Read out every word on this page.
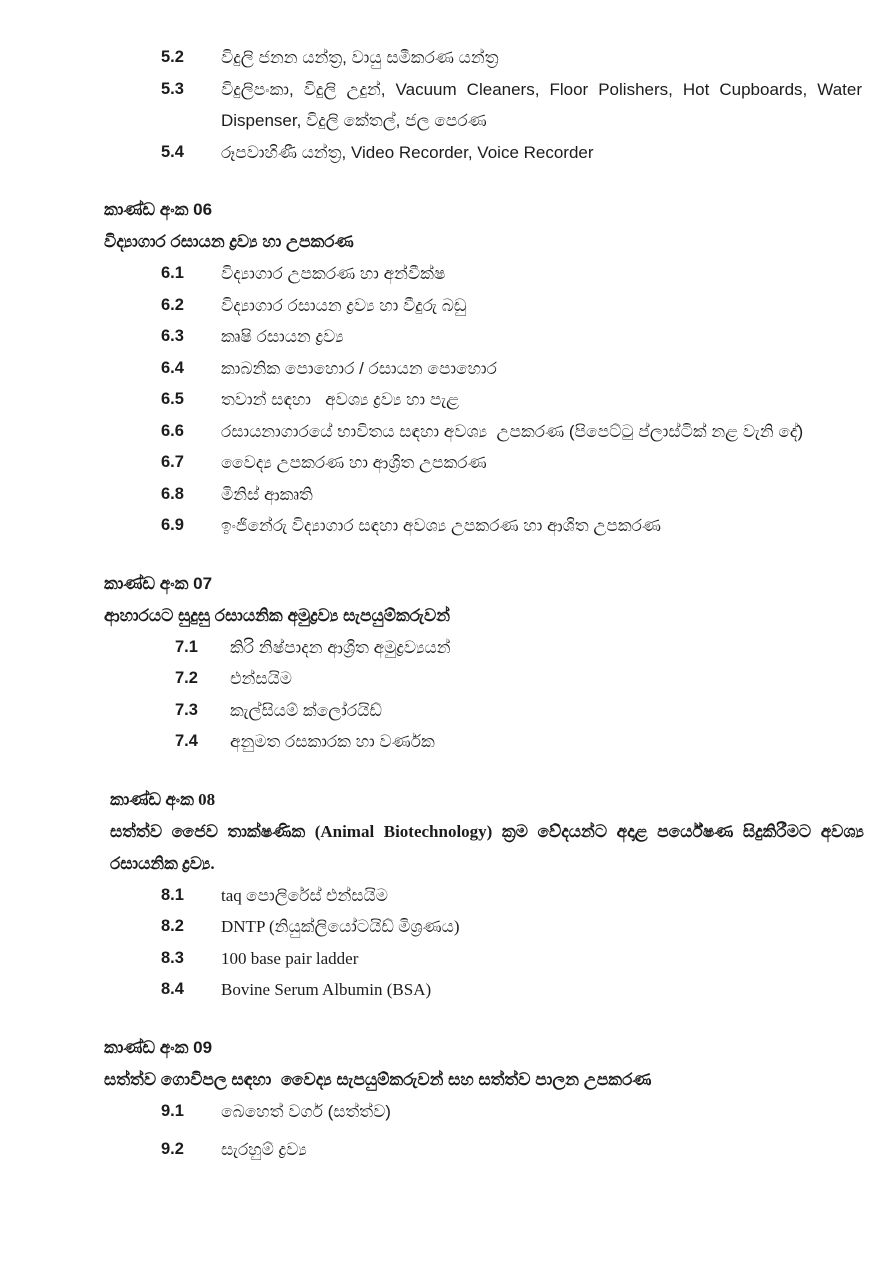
5.2	විදුලි ජනන යන්ත්‍ර, වායු සමීකරණ යන්ත්‍ර
5.3	විදුලිපංකා, විදුලි උදුන්, Vacuum Cleaners, Floor Polishers, Hot Cupboards, Water Dispenser, විදුලි කේතල්, ජල පෙරණ
5.4	රූපවාහිණී යන්ත්‍ර, Video Recorder, Voice Recorder
කාණ්ඩ අංක 06
විද්‍යාගාර රසායන ද්‍රව්‍ය හා උපකරණ
6.1	විද්‍යාගාර උපකරණ හා අන්වීක්ෂ
6.2	විද්‍යාගාර රසායන ද්‍රව්‍ය හා වීදුරු බඩු
6.3	කෘෂි රසායන ද්‍රව්‍ය
6.4	කාබනික පොහොර / රසායන පොහොර
6.5	තවාන් සඳහා   අවශ්‍ය ද්‍රව්‍ය හා පැළ
6.6	රසායනාගාරයේ භාවිතය සඳහා අවශ්‍ය  උපකරණ (පිපෙට්ටු ප්ලාස්ටික් නළ වැනි දේ)
6.7	වෛද්‍ය උපකරණ හා ආශ්‍රිත උපකරණ
6.8	මිනිස් ආකෘති
6.9	ඉංජිනේරු විද්‍යාගාර සඳහා අවශ්‍ය උපකරණ හා ආශිත උපකරණ
කාණ්ඩ අංක 07
ආහාරයට සුදුසු රසායනික අමුද්‍රව්‍ය සැපයුම්කරුවන්
7.1	කිරි නිෂ්පාදන ආශ්‍රිත අමුද්‍රව්‍යයන්
7.2	එන්සයිම
7.3	කැල්සියම් ක්ලෝරයිඩ්
7.4	අනුමත රසකාරක හා වර්ණක
කාණ්ඩ අංක 08
සත්ත්ව ජෛව තාක්ෂණික (Animal Biotechnology) ක්‍රම වේදයන්ට අදාළ පර්යේෂණ සිදුකිරීමට අවශ්‍ය රසායනික ද්‍රව්‍ය.
8.1	taq පොලිරේස් එන්සයිම
8.2	DNTP (නියුක්ලියෝටයිඩ් මිශ්‍රණය)
8.3	100 base pair ladder
8.4	Bovine Serum Albumin (BSA)
කාණ්ඩ අංක 09
සත්ත්ව ගොවිපල සඳහා  වෛද්‍ය සැපයුම්කරුවන් සහ සත්ත්ව පාලන උපකරණ
9.1	බෙහෙත් වර්ග (සත්ත්ව)
9.2	සැරහුම් ද්‍රව්‍ය
